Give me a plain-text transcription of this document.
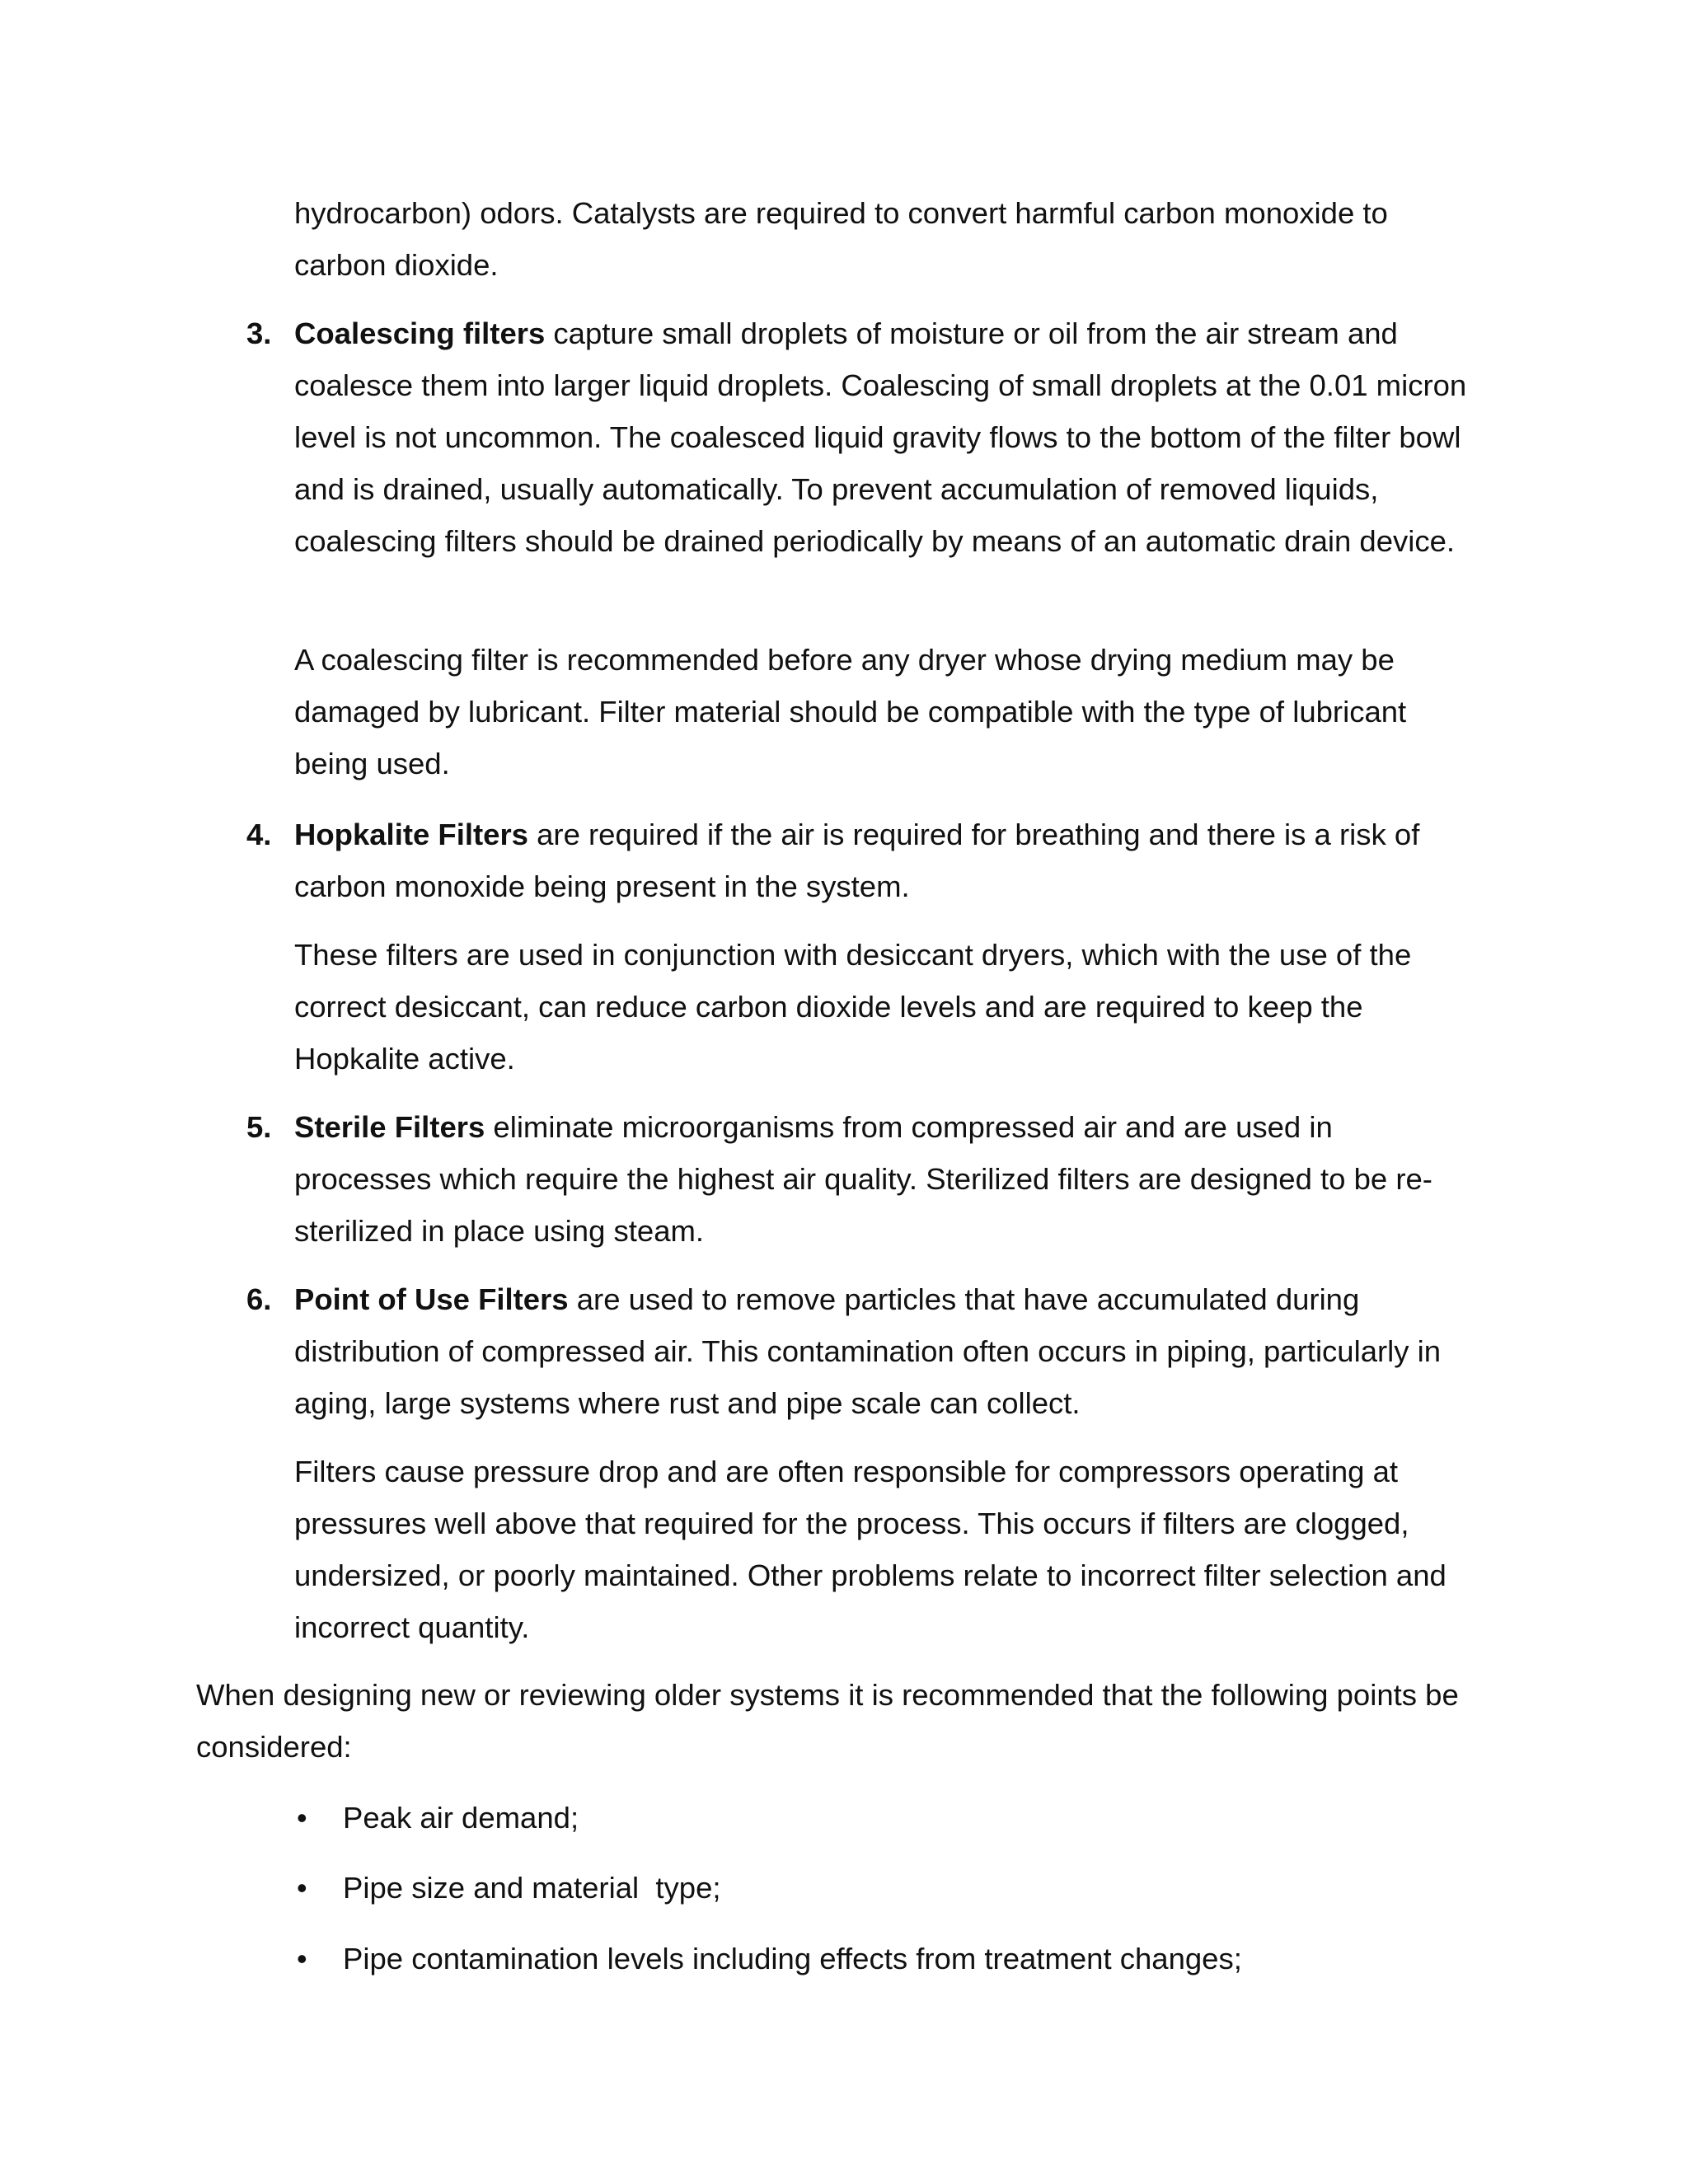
hydrocarbon) odors. Catalysts are required to convert harmful carbon monoxide to carbon dioxide.

3. Coalescing filters capture small droplets of moisture or oil from the air stream and coalesce them into larger liquid droplets. Coalescing of small droplets at the 0.01 micron level is not uncommon. The coalesced liquid gravity flows to the bottom of the filter bowl and is drained, usually automatically. To prevent accumulation of removed liquids, coalescing filters should be drained periodically by means of an automatic drain device.

A coalescing filter is recommended before any dryer whose drying medium may be damaged by lubricant. Filter material should be compatible with the type of lubricant being used.

4. Hopkalite Filters are required if the air is required for breathing and there is a risk of carbon monoxide being present in the system.

These filters are used in conjunction with desiccant dryers, which with the use of the correct desiccant, can reduce carbon dioxide levels and are required to keep the Hopkalite active.

5. Sterile Filters eliminate microorganisms from compressed air and are used in processes which require the highest air quality. Sterilized filters are designed to be re-sterilized in place using steam.

6. Point of Use Filters are used to remove particles that have accumulated during distribution of compressed air. This contamination often occurs in piping, particularly in aging, large systems where rust and pipe scale can collect.

Filters cause pressure drop and are often responsible for compressors operating at pressures well above that required for the process. This occurs if filters are clogged, undersized, or poorly maintained. Other problems relate to incorrect filter selection and incorrect quantity.

When designing new or reviewing older systems it is recommended that the following points be considered:

• Peak air demand;

• Pipe size and material  type;

• Pipe contamination levels including effects from treatment changes;
